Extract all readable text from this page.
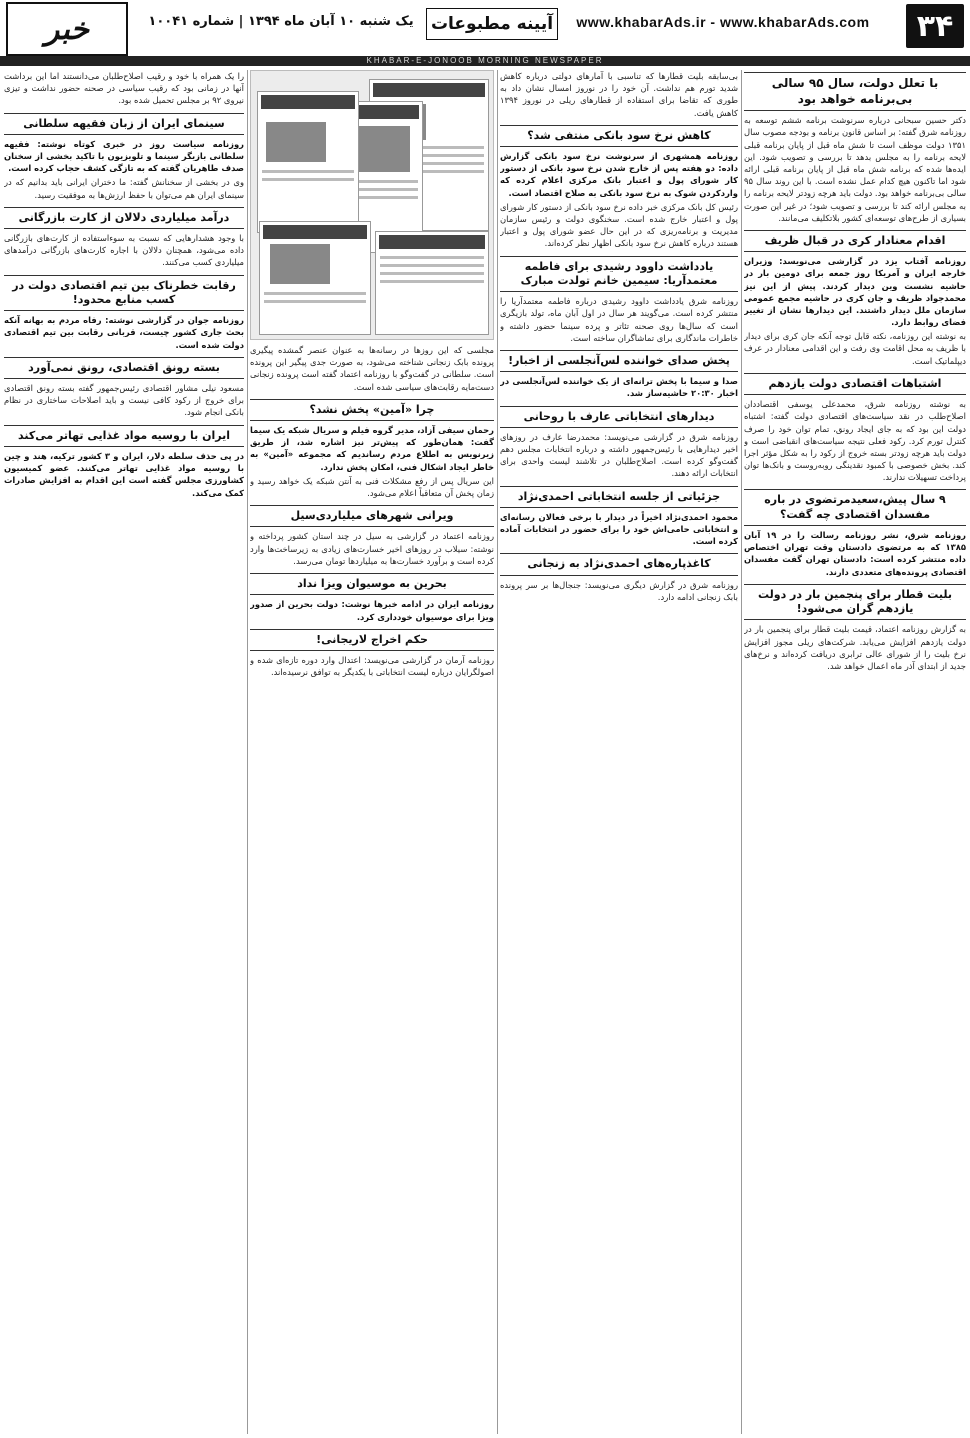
۳۴
www.khabarAds.ir - www.khabarAds.com
آیینه مطبوعات
یک شنبه ۱۰ آبان ماه ۱۳۹۴ | شماره ۱۰۰۴۱
خبر
KHABAR-E-JONOOB MORNING NEWSPAPER
با تعلل دولت، سال ۹۵ سالی بی‌برنامه خواهد بود
دکتر حسین سبحانی درباره سرنوشت برنامه ششم توسعه به روزنامه شرق گفته: بر اساس قانون برنامه و بودجه مصوب سال ۱۳۵۱ دولت موظف است تا شش ماه قبل از پایان برنامه قبلی لایحه برنامه را به مجلس بدهد تا بررسی و تصویب شود. این ایده‌ها شده که برنامه شش ماه قبل از پایان برنامه قبلی ارائه شود اما تاکنون هیچ کدام عمل نشده است. با این روند سال ۹۵ سالی بی‌برنامه خواهد بود. دولت باید هرچه زودتر لایحه برنامه را به مجلس ارائه کند تا بررسی و تصویب شود؛ در غیر این صورت بسیاری از طرح‌های توسعه‌ای کشور بلاتکلیف می‌مانند.
اقدام معنادار کری در قبال ظریف
روزنامه آفتاب یزد در گزارشی می‌نویسد: وزیران خارجه ایران و آمریکا روز جمعه برای دومین بار در حاشیه نشست وین دیدار کردند. پیش از این نیز محمدجواد ظریف و جان کری در حاشیه مجمع عمومی سازمان ملل دیدار داشتند. این دیدارها نشان از تغییر فضای روابط دارد.
به نوشته این روزنامه، نکته قابل توجه آنکه جان کری برای دیدار با ظریف به محل اقامت وی رفت و این اقدامی معنادار در عرف دیپلماتیک است.
اشتباهات اقتصادی دولت یازدهم
به نوشته روزنامه شرق، محمدعلی یوسفی اقتصاددان اصلاح‌طلب در نقد سیاست‌های اقتصادی دولت گفته: اشتباه دولت این بود که به جای ایجاد رونق، تمام توان خود را صرف کنترل تورم کرد. رکود فعلی نتیجه سیاست‌های انقباضی است و دولت باید هرچه زودتر بسته خروج از رکود را به شکل مؤثر اجرا کند. بخش خصوصی با کمبود نقدینگی روبه‌روست و بانک‌ها توان پرداخت تسهیلات ندارند.
۹ سال پیش،سعیدمرتضوی در باره مفسدان اقتصادی چه گفت؟
روزنامه شرق، نشر روزنامه رسالت را در ۱۹ آبان ۱۳۸۵ که به مرتضوی دادستان وقت تهران اختصاص داده منتشر کرده است: دادستان تهران گفت مفسدان اقتصادی پرونده‌های متعددی دارند.
بلیت قطار برای پنجمین بار در دولت یازدهم گران می‌شود!
به گزارش روزنامه اعتماد، قیمت بلیت قطار برای پنجمین بار در دولت یازدهم افزایش می‌یابد. شرکت‌های ریلی مجوز افزایش نرخ بلیت را از شورای عالی ترابری دریافت کرده‌اند و نرخ‌های جدید از ابتدای آذر ماه اعمال خواهد شد.
بی‌سابقه بلیت قطارها که تناسبی با آمارهای دولتی درباره کاهش شدید تورم هم نداشت. آن خود را در نوروز امسال نشان داد به طوری که تقاضا برای استفاده از قطارهای ریلی در نوروز ۱۳۹۴ کاهش یافت.
کاهش نرخ سود بانکی منتفی شد؟
روزنامه همشهری از سرنوشت نرخ سود بانکی گزارش داده: دو هفته پس از خارج شدن نرخ سود بانکی از دستور کار شورای پول و اعتبار بانک مرکزی اعلام کرده که واردکردن شوک به نرخ سود بانکی به صلاح اقتصاد است.
رئیس کل بانک مرکزی خبر داده نرخ سود بانکی از دستور کار شورای پول و اعتبار خارج شده است. سخنگوی دولت و رئیس سازمان مدیریت و برنامه‌ریزی که در این حال عضو شورای پول و اعتبار هستند درباره کاهش نرخ سود بانکی اظهار نظر کرده‌اند.
یادداشت داوود رشیدی برای فاطمه معتمدآریا: سیمین خانم تولدت مبارک
روزنامه شرق یادداشت داوود رشیدی درباره فاطمه معتمدآریا را منتشر کرده است. می‌گویند هر سال در اول آبان ماه، تولد بازیگری است که سال‌ها روی صحنه تئاتر و پرده سینما حضور داشته و خاطرات ماندگاری برای تماشاگران ساخته است.
پخش صدای خواننده لس‌آنجلسی از اخبار!
صدا و سیما با پخش ترانه‌ای از یک خواننده لس‌آنجلسی در اخبار ۲۰:۳۰ حاشیه‌ساز شد.
دیدارهای انتخاباتی عارف با روحانی
روزنامه شرق در گزارشی می‌نویسد: محمدرضا عارف در روزهای اخیر دیدارهایی با رئیس‌جمهور داشته و درباره انتخابات مجلس دهم گفت‌وگو کرده است. اصلاح‌طلبان در تلاشند لیست واحدی برای انتخابات ارائه دهند.
جزئیاتی از جلسه انتخاباتی احمدی‌نژاد
محمود احمدی‌نژاد اخیراً در دیدار با برخی فعالان رسانه‌ای و انتخاباتی حامی‌اش خود را برای حضور در انتخابات آماده کرده است.
کاغذپاره‌های احمدی‌نژاد به زنجانی
روزنامه شرق در گزارش دیگری می‌نویسد: جنجال‌ها بر سر پرونده بابک زنجانی ادامه دارد.
مجلسی که این روزها در رسانه‌ها به عنوان عنصر گمشده پیگیری پرونده بابک زنجانی شناخته می‌شود، به صورت جدی پیگیر این پرونده است. سلطانی در گفت‌وگو با روزنامه اعتماد گفته است پرونده زنجانی دست‌مایه رقابت‌های سیاسی شده است.
چرا «آمین» پخش نشد؟
رحمان سیفی آزاد، مدیر گروه فیلم و سریال شبکه یک سیما گفت: همان‌طور که پیش‌تر نیز اشاره شد، از طریق زیرنویس به اطلاع مردم رساندیم که مجموعه «آمین» به خاطر ایجاد اشکال فنی، امکان پخش ندارد.
این سریال پس از رفع مشکلات فنی به آنتن شبکه یک خواهد رسید و زمان پخش آن متعاقباً اعلام می‌شود.
ویرانی شهرهای میلیاردی‌سیل
روزنامه اعتماد در گزارشی به سیل در چند استان کشور پرداخته و نوشته: سیلاب در روزهای اخیر خسارت‌های زیادی به زیرساخت‌ها وارد کرده است و برآورد خسارت‌ها به میلیاردها تومان می‌رسد.
بحرین به موسیوان ویزا نداد
روزنامه ایران در ادامه خبرها نوشت: دولت بحرین از صدور ویزا برای موسیوان خودداری کرد.
حکم اخراج لاریجانی!
روزنامه آرمان در گزارشی می‌نویسد: اعتدال وارد دوره تازه‌ای شده و اصولگرایان درباره لیست انتخاباتی با یکدیگر به توافق نرسیده‌اند.
را یک همراه با خود و رقیب اصلاح‌طلبان می‌دانستند اما این برداشت آنها در زمانی بود که رقیب سیاسی در صحنه حضور نداشت و تیزی نیروی ۹۲ بر مجلس تحمیل شده بود.
سینمای ایران از زبان فقیهه سلطانی
روزنامه سیاست روز در خبری کوتاه نوشته: فقیهه سلطانی بازیگر سینما و تلویزیون با تاکید بخشی از سخنان صدف طاهریان گفته که به تازگی کشف حجاب کرده است.
وی در بخشی از سخنانش گفته: ما دختران ایرانی باید بدانیم که در سینمای ایران هم می‌توان با حفظ ارزش‌ها به موفقیت رسید.
درآمد میلیاردی دلالان از کارت بازرگانی
با وجود هشدارهایی که نسبت به سوءاستفاده از کارت‌های بازرگانی داده می‌شود، همچنان دلالان با اجاره کارت‌های بازرگانی درآمدهای میلیاردی کسب می‌کنند.
رقابت خطرناک بین تیم اقتصادی دولت در کسب منابع محدود!
روزنامه جوان در گزارشی نوشته: رفاه مردم به بهانه آنکه بحث جاری کشور چیست، قربانی رقابت بین تیم اقتصادی دولت شده است.
بسته رونق اقتصادی، رونق نمی‌آورد
مسعود نیلی مشاور اقتصادی رئیس‌جمهور گفته بسته رونق اقتصادی برای خروج از رکود کافی نیست و باید اصلاحات ساختاری در نظام بانکی انجام شود.
ایران با روسیه مواد غذایی تهاتر می‌کند
در پی حذف سلطه دلار، ایران و ۳ کشور ترکیه، هند و چین با روسیه مواد غذایی تهاتر می‌کنند. عضو کمیسیون کشاورزی مجلس گفته است این اقدام به افزایش صادرات کمک می‌کند.
